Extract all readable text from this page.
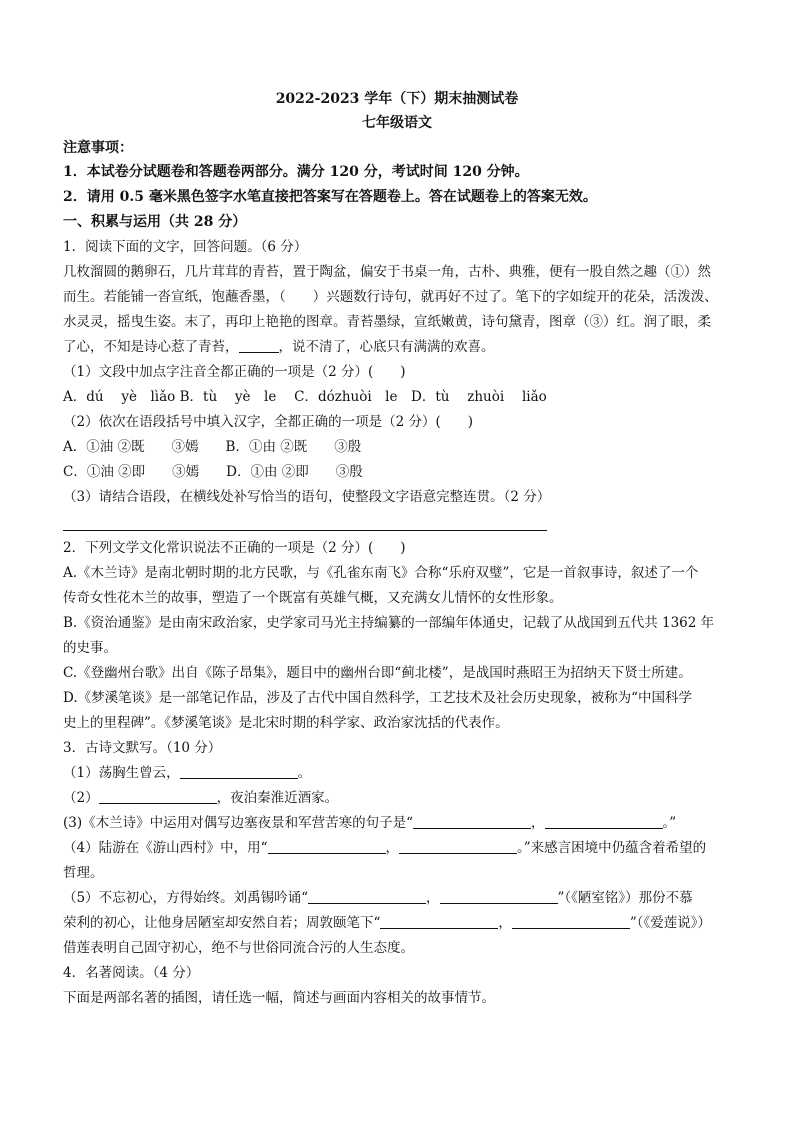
2022-2023 学年（下）期末抽测试卷
七年级语文
注意事项：
1．本试卷分试题卷和答题卷两部分。满分 120 分，考试时间 120 分钟。
2．请用 0.5 毫米黑色签字水笔直接把答案写在答题卷上。答在试题卷上的答案无效。
一、积累与运用（共 28 分）
1．阅读下面的文字，回答问题。（6 分）
几枚溜圆的鹅卵石，几片茸茸的青苔，置于陶盆，偏安于书桌一角，古朴、典雅，便有一股自然之趣（①）然
而生。若能铺一沓宣纸，饱蘸香墨，（　　）兴题数行诗句，就再好不过了。笔下的字如绽开的花朵，活泼泼、
水灵灵，摇曳生姿。末了，再印上艳艳的图章。青苔墨绿，宣纸嫩黄，诗句黛青，图章（③）红。润了眼，柔
了心，不知是诗心惹了青苔，	，说不清了，心底只有满满的欢喜。
（1）文段中加点字注音全都正确的一项是（2 分）(　　)
A．dú　 yè　lìǎo B．tù　 yè　le　 C．dózhuòi　le　D．tù　 zhuòi　 liǎo
（2）依次在语段括号中填入汉字，全都正确的一项是（2 分）(　　)
A．①油 ②既　　③嫣　　B．①由 ②既　　③殷
C．①油 ②即　　③嫣　　D．①由 ②即　　③殷
（3）请结合语段，在横线处补写恰当的语句，使整段文字语意完整连贯。（2 分）
2．下列文学文化常识说法不正确的一项是（2 分）(　　)
A.《木兰诗》是南北朝时期的北方民歌，与《孔雀东南飞》合称“乐府双璧”，它是一首叙事诗，叙述了一个
传奇女性花木兰的故事，塑造了一个既富有英雄气概，又充满女儿情怀的女性形象。
B.《资治通鉴》是由南宋政治家，史学家司马光主持编纂的一部编年体通史，记载了从战国到五代共 1362 年
的史事。
C.《登幽州台歌》出自《陈子昂集》，题目中的幽州台即“蓟北楼”，是战国时燕昭王为招纳天下贤士所建。
D.《梦溪笔谈》是一部笔记作品，涉及了古代中国自然科学，工艺技术及社会历史现象，被称为“中国科学
史上的里程碑”。《梦溪笔谈》是北宋时期的科学家、政治家沈括的代表作。
3．古诗文默写。（10 分）
（1）荡胸生曾云，	。
（2）	，夜泊秦淮近酒家。
(3)《木兰诗》中运用对偶写边塞夜景和军营苦寒的句子是“	，	。”
（4）陆游在《游山西村》中，用“	，	。”来感言困境中仍蕴含着希望的
哲理。
（5）不忘初心，方得始终。刘禹锡吟诵“	，	”（《陋室铭》）那份不慕
荣利的初心，让他身居陋室却安然自若；周敦颐笔下“	，	”（《爱莲说》）
借莲表明自己固守初心，绝不与世俗同流合污的人生态度。
4．名著阅读。（4 分）
下面是两部名著的插图，请任选一幅，简述与画面内容相关的故事情节。
